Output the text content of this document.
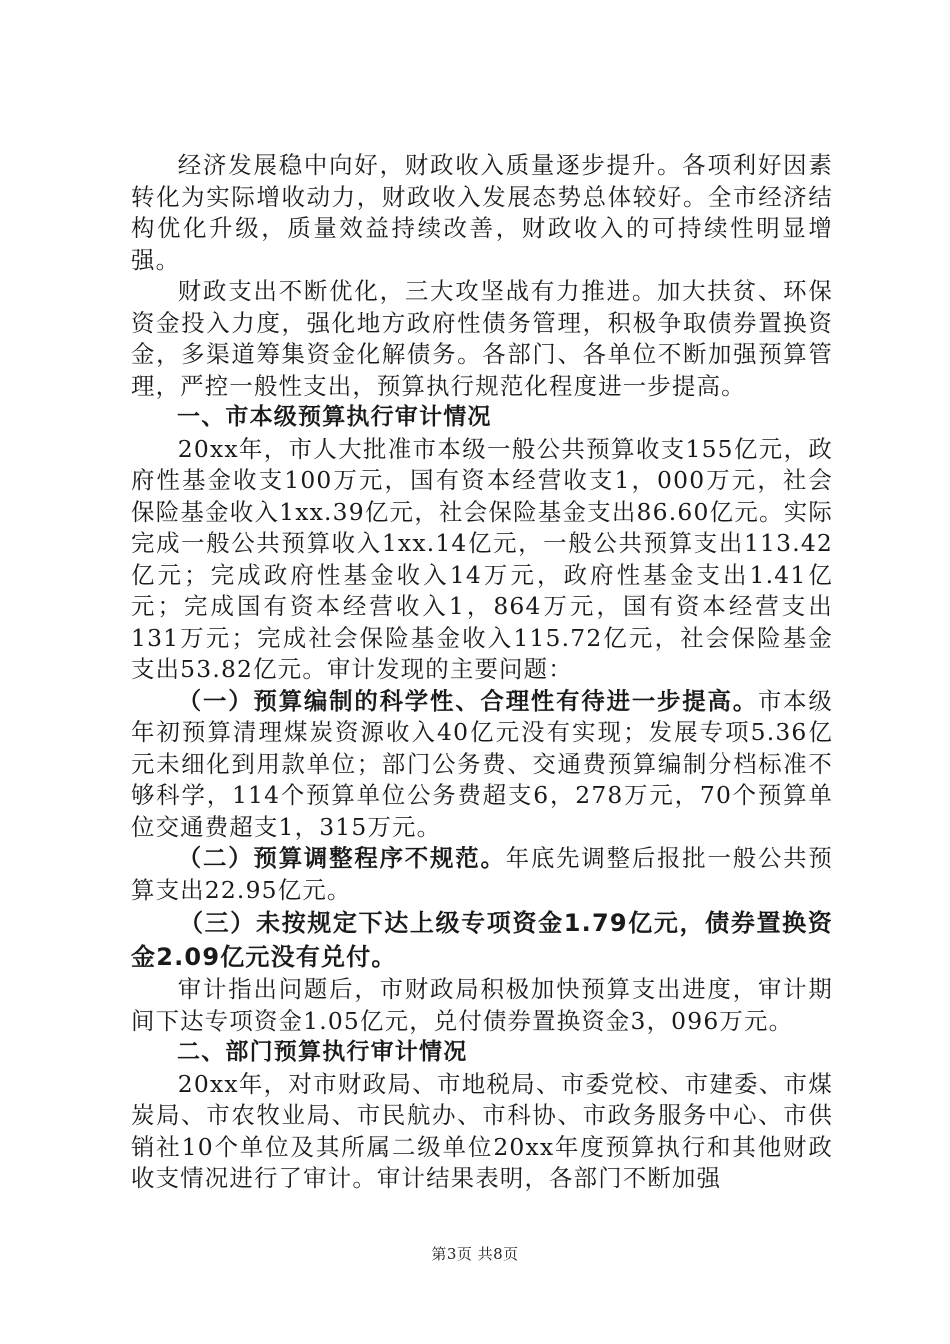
经济发展稳中向好，财政收入质量逐步提升。各项利好因素转化为实际增收动力，财政收入发展态势总体较好。全市经济结构优化升级，质量效益持续改善，财政收入的可持续性明显增强。

财政支出不断优化，三大攻坚战有力推进。加大扶贫、环保资金投入力度，强化地方政府性债务管理，积极争取债券置换资金，多渠道筹集资金化解债务。各部门、各单位不断加强预算管理，严控一般性支出，预算执行规范化程度进一步提高。

一、市本级预算执行审计情况

20xx年，市人大批准市本级一般公共预算收支155亿元，政府性基金收支100万元，国有资本经营收支1，000万元，社会保险基金收入1xx.39亿元，社会保险基金支出86.60亿元。实际完成一般公共预算收入1xx.14亿元，一般公共预算支出113.42亿元；完成政府性基金收入14万元，政府性基金支出1.41亿元；完成国有资本经营收入1，864万元，国有资本经营支出131万元；完成社会保险基金收入115.72亿元，社会保险基金支出53.82亿元。审计发现的主要问题：

（一）预算编制的科学性、合理性有待进一步提高。市本级年初预算清理煤炭资源收入40亿元没有实现；发展专项5.36亿元未细化到用款单位；部门公务费、交通费预算编制分档标准不够科学，114个预算单位公务费超支6，278万元，70个预算单位交通费超支1，315万元。

（二）预算调整程序不规范。年底先调整后报批一般公共预算支出22.95亿元。

（三）未按规定下达上级专项资金1.79亿元，债券置换资金2.09亿元没有兑付。

审计指出问题后，市财政局积极加快预算支出进度，审计期间下达专项资金1.05亿元，兑付债券置换资金3，096万元。

二、部门预算执行审计情况

20xx年，对市财政局、市地税局、市委党校、市建委、市煤炭局、市农牧业局、市民航办、市科协、市政务服务中心、市供销社10个单位及其所属二级单位20xx年度预算执行和其他财政收支情况进行了审计。审计结果表明，各部门不断加强

第3页 共8页
